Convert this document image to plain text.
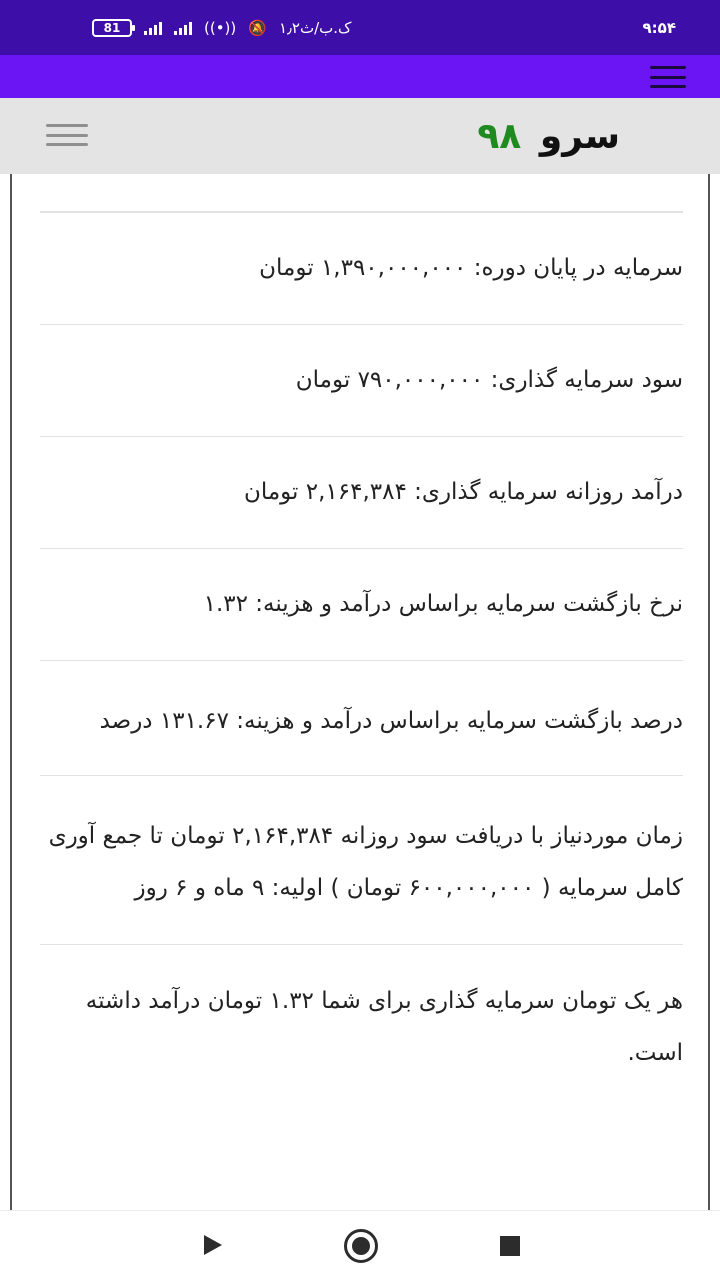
81	((•)) 🔕 ۱٫۲ک.ب/ث	۹:۵۴
سرو ۹۸
سرمایه در پایان دوره: ۱,۳۹۰,۰۰۰,۰۰۰ تومان
سود سرمایه گذاری: ۷۹۰,۰۰۰,۰۰۰ تومان
درآمد روزانه سرمایه گذاری: ۲,۱۶۴,۳۸۴ تومان
نرخ بازگشت سرمایه براساس درآمد و هزینه: ۱.۳۲
درصد بازگشت سرمایه براساس درآمد و هزینه: ۱۳۱.۶۷ درصد
زمان موردنیاز با دریافت سود روزانه ۲,۱۶۴,۳۸۴ تومان تا جمع آوری کامل سرمایه ( ۶۰۰,۰۰۰,۰۰۰ تومان ) اولیه: ۹ ماه و ۶ روز
هر یک تومان سرمایه گذاری برای شما ۱.۳۲ تومان درآمد داشته است.
